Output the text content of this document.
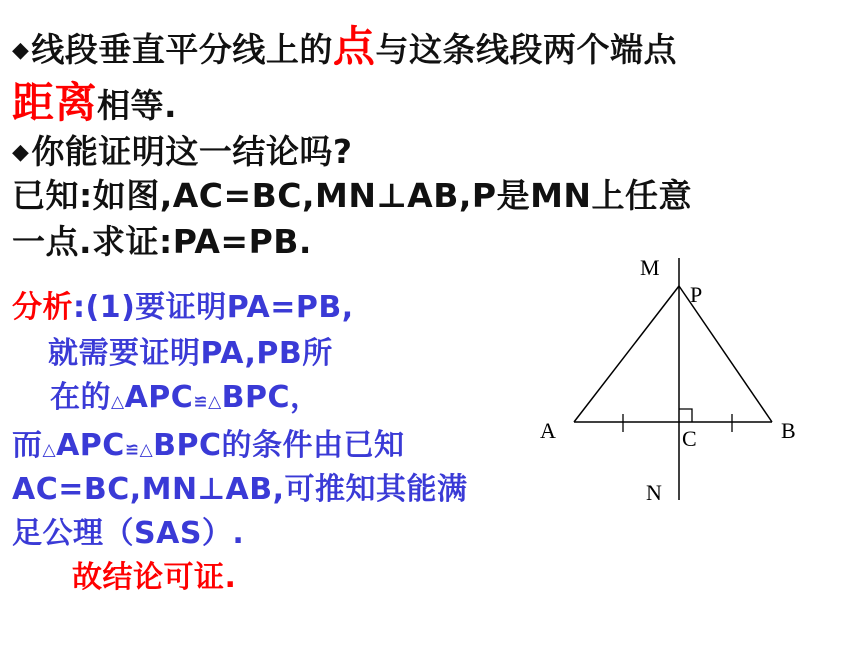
◆线段垂直平分线上的点与这条线段两个端点
距离相等.
◆你能证明这一结论吗?
已知:如图,AC=BC,MN⊥AB,P是MN上任意
一点.求证:PA=PB.
分析:(1)要证明PA=PB,
就需要证明PA,PB所
在的△APC≌△BPC，
而△APC≌△BPC的条件由已知
AC=BC,MN⊥AB,可推知其能满
足公理（SAS）.
故结论可证.
M
P
A	C	B
N
